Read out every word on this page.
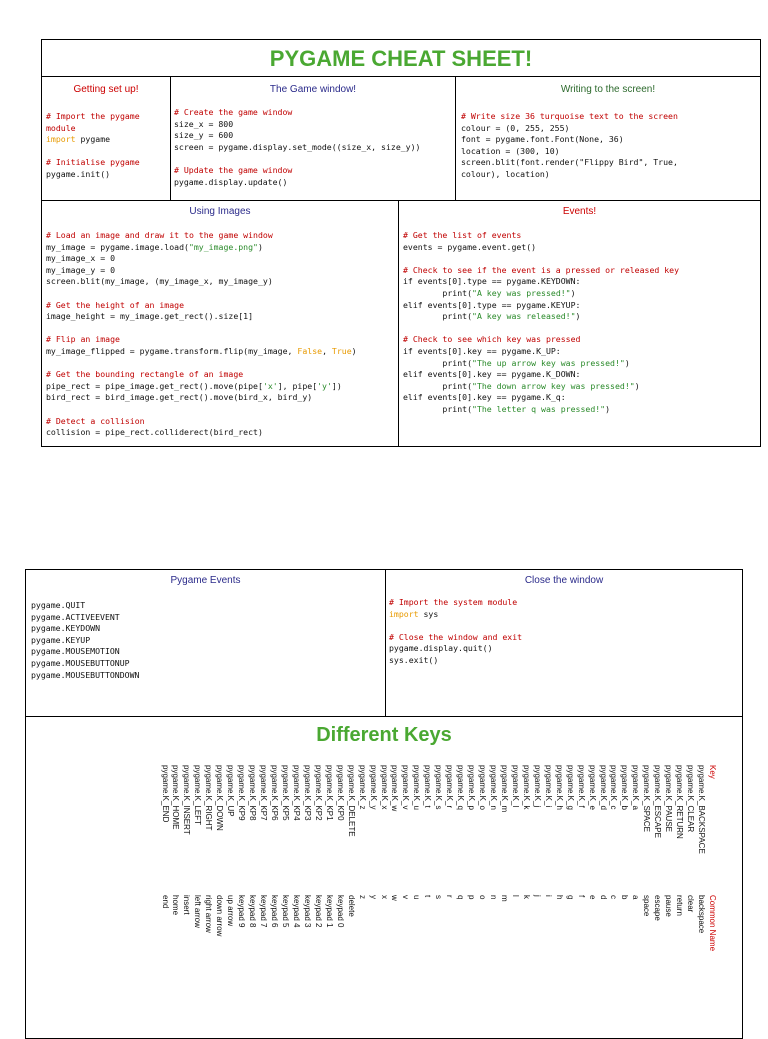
PYGAME CHEAT SHEET!
Getting set up!
# Import the pygame
module
import pygame

# Initialise pygame
pygame.init()
The Game window!
# Create the game window
size_x = 800
size_y = 600
screen = pygame.display.set_mode((size_x, size_y))

# Update the game window
pygame.display.update()
Writing to the screen!
# Write size 36 turquoise text to the screen
colour = (0, 255, 255)
font = pygame.font.Font(None, 36)
location = (300, 10)
screen.blit(font.render("Flippy Bird", True,
colour), location)
Using Images
# Load an image and draw it to the game window
my_image = pygame.image.load("my_image.png")
my_image_x = 0
my_image_y = 0
screen.blit(my_image, (my_image_x, my_image_y)

# Get the height of an image
image_height = my_image.get_rect().size[1]

# Flip an image
my_image_flipped = pygame.transform.flip(my_image, False, True)

# Get the bounding rectangle of an image
pipe_rect = pipe_image.get_rect().move(pipe['x'], pipe['y'])
bird_rect = bird_image.get_rect().move(bird_x, bird_y)

# Detect a collision
collision = pipe_rect.colliderect(bird_rect)
Events!
# Get the list of events
events = pygame.event.get()

# Check to see if the event is a pressed or released key
if events[0].type == pygame.KEYDOWN:
print("A key was pressed!")
elif events[0].type == pygame.KEYUP:
print("A key was released!")

# Check to see which key was pressed
if events[0].key == pygame.K_UP:
print("The up arrow key was pressed!")
elif events[0].key == pygame.K_DOWN:
print("The down arrow key was pressed!")
elif events[0].key == pygame.K_q:
print("The letter q was pressed!")
Pygame Events
pygame.QUIT
pygame.ACTIVEEVENT
pygame.KEYDOWN
pygame.KEYUP
pygame.MOUSEMOTION
pygame.MOUSEBUTTONUP
pygame.MOUSEBUTTONDOWN
Close the window
# Import the system module
import sys

# Close the window and exit
pygame.display.quit()
sys.exit()
Different Keys
Key
Common Name
pygame.K_BACKSPACE
backspace
pygame.K_CLEAR
clear
pygame.K_RETURN
return
pygame.K_PAUSE
pause
pygame.K_ESCAPE
escape
pygame.K_SPACE
space
pygame.K_a
a
pygame.K_b
b
pygame.K_c
c
pygame.K_d
d
pygame.K_e
e
pygame.K_f
f
pygame.K_g
g
pygame.K_h
h
pygame.K_i
i
pygame.K_j
j
pygame.K_k
k
pygame.K_l
l
pygame.K_m
m
pygame.K_n
n
pygame.K_o
o
pygame.K_p
p
pygame.K_q
q
pygame.K_r
r
pygame.K_s
s
pygame.K_t
t
pygame.K_u
u
pygame.K_v
v
pygame.K_w
w
pygame.K_x
x
pygame.K_y
y
pygame.K_z
z
pygame.K_DELETE
delete
pygame.K_KP0
keypad 0
pygame.K_KP1
keypad 1
pygame.K_KP2
keypad 2
pygame.K_KP3
keypad 3
pygame.K_KP4
keypad 4
pygame.K_KP5
keypad 5
pygame.K_KP6
keypad 6
pygame.K_KP7
keypad 7
pygame.K_KP8
keypad 8
pygame.K_KP9
keypad 9
pygame.K_UP
up arrow
pygame.K_DOWN
down arrow
pygame.K_RIGHT
right arrow
pygame.K_LEFT
left arrow
pygame.K_INSERT
insert
pygame.K_HOME
home
pygame.K_END
end
